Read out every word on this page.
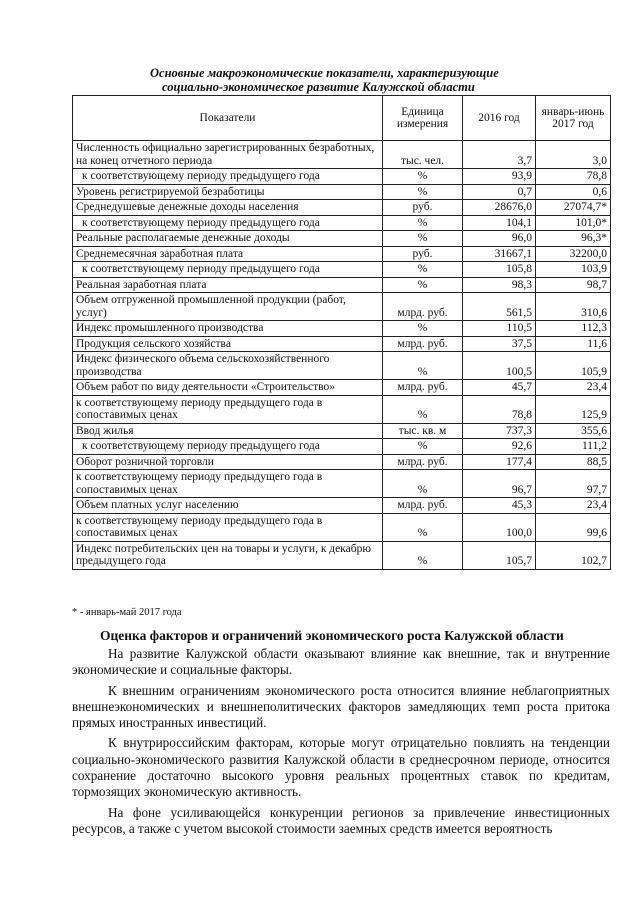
Основные макроэкономические показатели, характеризующие
социально-экономическое развитие Калужской области
Показатели	Единица измерения	2016 год	январь-июнь 2017 год
Численность официально зарегистрированных безработных, на конец отчетного периода	тыс. чел.	3,7	3,0
к соответствующему периоду предыдущего года	%	93,9	78,8
Уровень регистрируемой безработицы	%	0,7	0,6
Среднедушевые денежные доходы населения	руб.	28676,0	27074,7*
к соответствующему периоду предыдущего года	%	104,1	101,0*
Реальные располагаемые денежные доходы	%	96,0	96,3*
Среднемесячная заработная плата	руб.	31667,1	32200,0
к соответствующему периоду предыдущего года	%	105,8	103,9
Реальная заработная плата	%	98,3	98,7
Объем отгруженной промышленной продукции (работ, услуг)	млрд. руб.	561,5	310,6
Индекс промышленного производства	%	110,5	112,3
Продукция сельского хозяйства	млрд. руб.	37,5	11,6
Индекс физического объема сельскохозяйственного производства	%	100,5	105,9
Объем работ по виду деятельности «Строительство»	млрд. руб.	45,7	23,4
к соответствующему периоду предыдущего года в сопоставимых ценах	%	78,8	125,9
Ввод жилья	тыс. кв. м	737,3	355,6
к соответствующему периоду предыдущего года	%	92,6	111,2
Оборот розничной торговли	млрд. руб.	177,4	88,5
к соответствующему периоду предыдущего года в сопоставимых ценах	%	96,7	97,7
Объем платных услуг населению	млрд. руб.	45,3	23,4
к соответствующему периоду предыдущего года в сопоставимых ценах	%	100,0	99,6
Индекс потребительских цен на товары и услуги, к декабрю предыдущего года	%	105,7	102,7
* - январь-май 2017 года
Оценка факторов и ограничений экономического роста Калужской области

На развитие Калужской области оказывают влияние как внешние, так и внутренние экономические и социальные факторы.

К внешним ограничениям экономического роста относится влияние неблагоприятных внешнеэкономических и внешнеполитических факторов замедляющих темп роста притока прямых иностранных инвестиций.

К внутрироссийским факторам, которые могут отрицательно повлиять на тенденции социально-экономического развития Калужской области в среднесрочном периоде, относится сохранение достаточно высокого уровня реальных процентных ставок по кредитам, тормозящих экономическую активность.

На фоне усиливающейся конкуренции регионов за привлечение инвестиционных ресурсов, а также с учетом высокой стоимости заемных средств имеется вероятность
